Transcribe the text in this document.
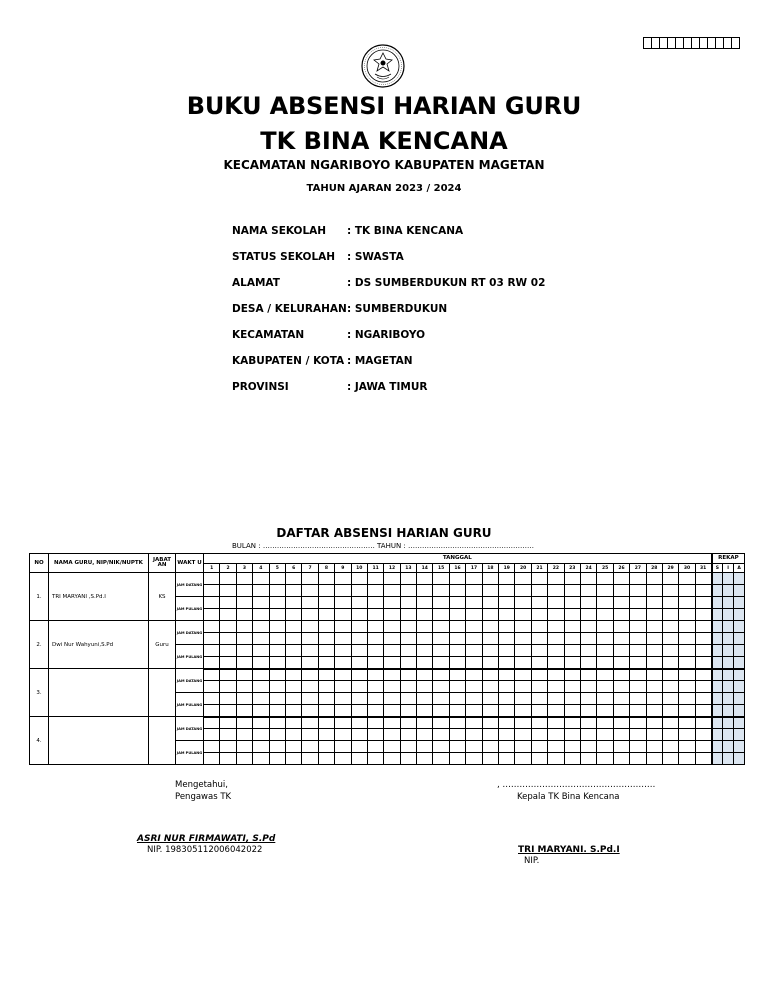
BUKU ABSENSI HARIAN GURU
TK BINA KENCANA
KECAMATAN NGARIBOYO KABUPATEN MAGETAN
TAHUN AJARAN 2023 / 2024
NAMA SEKOLAH	: TK BINA KENCANA
STATUS SEKOLAH	: SWASTA
ALAMAT	: DS SUMBERDUKUN RT 03 RW 02
DESA / KELURAHAN : SUMBERDUKUN
KECAMATAN	: NGARIBOYO
KABUPATEN / KOTA : MAGETAN
PROVINSI	: JAWA TIMUR
DAFTAR ABSENSI HARIAN GURU
BULAN : ………………………………………… TAHUN : ………………………………………………
NO	NAMA GURU, NIP/NIK/NUPTK	JABAT AN	WAKT U	TANGGAL																															REKAP		
				1	2	3	4	5	6	7	8	9	10	11	12	13	14	15	16	17	18	19	20	21	22	23	24	25	26	27	28	29	30	31	S	I	A
1.	TRI MARYANI ,S.Pd.I	KS	JAM DATANG																																		

			JAM PULANG																																		

2.	Dwi Nur Wahyuni,S.Pd	Guru	JAM DATANG																																		

			JAM PULANG																																		

3.			JAM DATANG																																		

			JAM PULANG																																		

4.			JAM DATANG																																		

			JAM PULANG																																		

Mengetahui,
Pengawas TK
ASRI NUR FIRMAWATI, S.Pd
NIP. 198305112006042022
, ………………………………………………
Kepala TK Bina Kencana
TRI MARYANI. S.Pd.I
NIP.
